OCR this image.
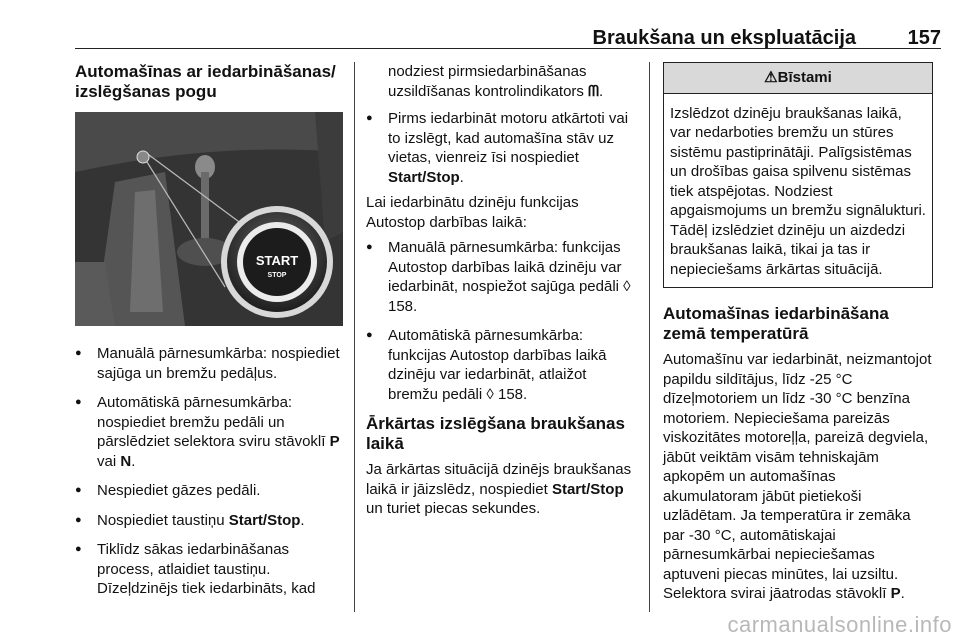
Braukšana un ekspluatācija	157
Automašīnas ar iedarbināšanas/ izslēgšanas pogu
START
STOP
● Manuālā pārnesumkārba: nospiediet sajūga un bremžu pedāļus.
● Automātiskā pārnesumkārba: nospiediet bremžu pedāli un pārslēdziet selektora sviru stāvoklī P vai N.
● Nespiediet gāzes pedāli.
● Nospiediet taustiņu Start/Stop.
● Tiklīdz sākas iedarbināšanas process, atlaidiet taustiņu. Dīzeļdzinējs tiek iedarbināts, kad
nodziest pirmsiedarbināšanas uzsildīšanas kontrolindikators ᗰ.
● Pirms iedarbināt motoru atkārtoti vai to izslēgt, kad automašīna stāv uz vietas, vienreiz īsi nospiediet Start/Stop.

Lai iedarbinātu dzinēju funkcijas Autostop darbības laikā:

● Manuālā pārnesumkārba: funkcijas Autostop darbības laikā dzinēju var iedarbināt, nospiežot sajūga pedāli ◊ 158.
● Automātiskā pārnesumkārba: funkcijas Autostop darbības laikā dzinēju var iedarbināt, atlaižot bremžu pedāli ◊ 158.
Ārkārtas izslēgšana braukšanas laikā

Ja ārkārtas situācijā dzinējs braukšanas laikā ir jāizslēdz, nospiediet Start/Stop un turiet piecas sekundes.

⚠Bīstami
Izslēdzot dzinēju braukšanas laikā, var nedarboties bremžu un stūres sistēmu pastiprinātāji. Palīgsistēmas un drošības gaisa spilvenu sistēmas tiek atspējotas. Nodziest apgaismojums un bremžu signālukturi. Tādēļ izslēdziet dzinēju un aizdedzi braukšanas laikā, tikai ja tas ir nepieciešams ārkārtas situācijā.
Automašīnas iedarbināšana zemā temperatūrā

Automašīnu var iedarbināt, neizmantojot papildu sildītājus, līdz -25 °C dīzeļmotoriem un līdz -30 °C benzīna motoriem. Nepieciešama pareizās viskozitātes motoreļļa, pareizā degviela, jābūt veiktām visām tehniskajām apkopēm un automašīnas akumulatoram jābūt pietiekoši uzlādētam. Ja temperatūra ir zemāka par -30 °C, automātiskajai pārnesumkārbai nepieciešamas aptuveni piecas minūtes, lai uzsiltu. Selektora svirai jāatrodas stāvoklī P.

carmanualsonline.info
